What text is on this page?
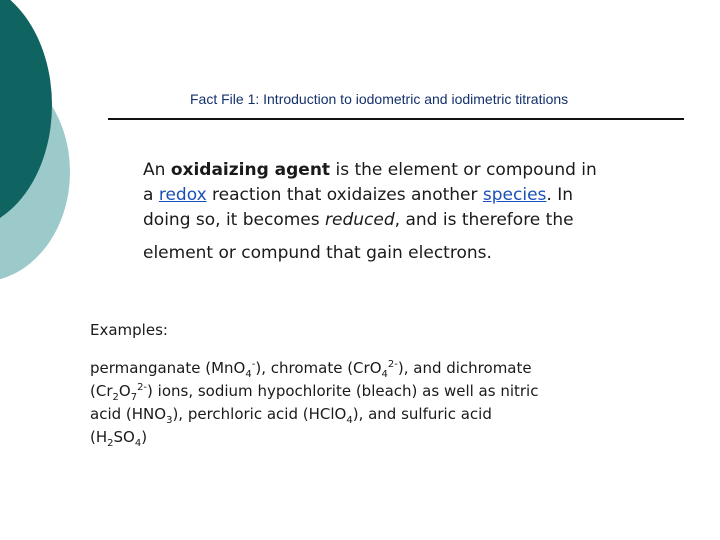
Fact File 1: Introduction to iodometric and iodimetric titrations

An oxidaizing agent is the element or compound in
a redox reaction that oxidaizes another species. In
doing so, it becomes reduced, and is therefore the
element or compund that gain electrons.

Examples:
permanganate (MnO$_4$-), chromate (CrO$_4^{2-}$), and dichromate
$(Cr_2O_7^{2-})$ ions, sodium hypochlorite (bleach) as well as nitric
acid $(HNO_3)$, perchloric acid (HClO$_4$), and sulfuric acid
$(H_2SO_4)$
